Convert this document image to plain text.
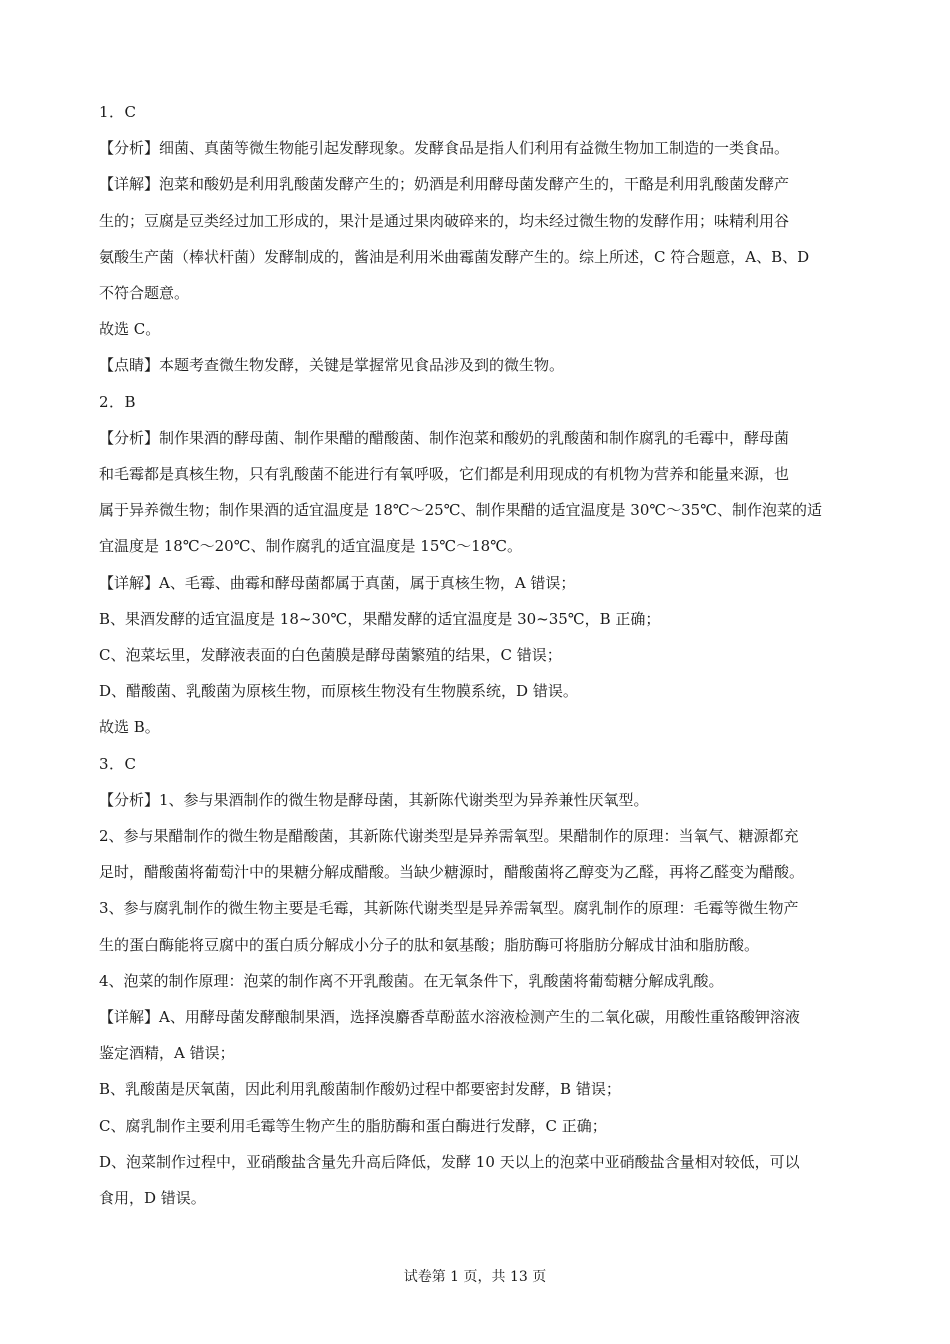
1．C
【分析】细菌、真菌等微生物能引起发酵现象。发酵食品是指人们利用有益微生物加工制造的一类食品。
【详解】泡菜和酸奶是利用乳酸菌发酵产生的；奶酒是利用酵母菌发酵产生的，干酪是利用乳酸菌发酵产
生的；豆腐是豆类经过加工形成的，果汁是通过果肉破碎来的，均未经过微生物的发酵作用；味精利用谷
氨酸生产菌（棒状杆菌）发酵制成的，酱油是利用米曲霉菌发酵产生的。综上所述，C 符合题意，A、B、D
不符合题意。
故选 C。
【点睛】本题考查微生物发酵，关键是掌握常见食品涉及到的微生物。
2．B
【分析】制作果酒的酵母菌、制作果醋的醋酸菌、制作泡菜和酸奶的乳酸菌和制作腐乳的毛霉中，酵母菌
和毛霉都是真核生物，只有乳酸菌不能进行有氧呼吸，它们都是利用现成的有机物为营养和能量来源，也
属于异养微生物；制作果酒的适宜温度是 18℃～25℃、制作果醋的适宜温度是 30℃～35℃、制作泡菜的适
宜温度是 18℃～20℃、制作腐乳的适宜温度是 15℃～18℃。
【详解】A、毛霉、曲霉和酵母菌都属于真菌，属于真核生物，A 错误；
B、果酒发酵的适宜温度是 18~30℃，果醋发酵的适宜温度是 30~35℃，B 正确；
C、泡菜坛里，发酵液表面的白色菌膜是酵母菌繁殖的结果，C 错误；
D、醋酸菌、乳酸菌为原核生物，而原核生物没有生物膜系统，D 错误。
故选 B。
3．C
【分析】1、参与果酒制作的微生物是酵母菌，其新陈代谢类型为异养兼性厌氧型。
2、参与果醋制作的微生物是醋酸菌，其新陈代谢类型是异养需氧型。果醋制作的原理：当氧气、糖源都充
足时，醋酸菌将葡萄汁中的果糖分解成醋酸。当缺少糖源时，醋酸菌将乙醇变为乙醛，再将乙醛变为醋酸。
3、参与腐乳制作的微生物主要是毛霉，其新陈代谢类型是异养需氧型。腐乳制作的原理：毛霉等微生物产
生的蛋白酶能将豆腐中的蛋白质分解成小分子的肽和氨基酸；脂肪酶可将脂肪分解成甘油和脂肪酸。
4、泡菜的制作原理：泡菜的制作离不开乳酸菌。在无氧条件下，乳酸菌将葡萄糖分解成乳酸。
【详解】A、用酵母菌发酵酿制果酒，选择溴麝香草酚蓝水溶液检测产生的二氧化碳，用酸性重铬酸钾溶液
鉴定酒精，A 错误；
B、乳酸菌是厌氧菌，因此利用乳酸菌制作酸奶过程中都要密封发酵，B 错误；
C、腐乳制作主要利用毛霉等生物产生的脂肪酶和蛋白酶进行发酵，C 正确；
D、泡菜制作过程中，亚硝酸盐含量先升高后降低，发酵 10 天以上的泡菜中亚硝酸盐含量相对较低，可以
食用，D 错误。
试卷第 1 页，共 13 页
